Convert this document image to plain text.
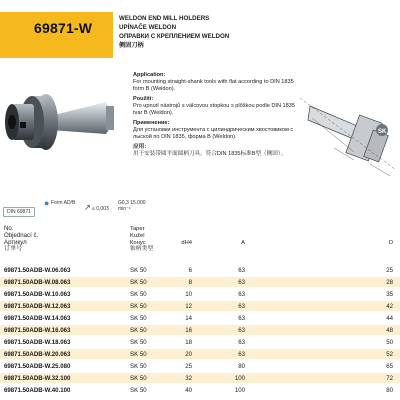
69871-W
WELDON END MILL HOLDERS
UPÍNAČE WELDON
ОПРАВКИ С КРЕПЛЕНИЕМ WELDON
侧固刀柄
Application:
For mounting straight-shank tools with flat according to DIN 1835 form B (Weldon).
Použití:
Pro upnutí nástrojů s válcovou stopkou s plôškou podle DIN 1835 tvar B (Weldon).
Применение:
Для установки инструмента с цилиндрическим хвостовиком с лыской по DIN 1835, форма B (Weldon).
应用：
用于安装带圆平面圆柄刀具，符合DIN 1835标准B型（侧固）。
SK
DIN 69871
● Form AD/B ↗ ≤ 0,003
G6,3 15.000 min⁻¹
No.
Objednací č.
Артикул
订单号
Taper
Kužel
Конус
锥柄类型
dH4	A	D
69871.50ADB-W.06.063	SK 50	6	63	25
69871.50ADB-W.08.063	SK 50	8	63	28
69871.50ADB-W.10.063	SK 50	10	63	35
69871.50ADB-W.12.063	SK 50	12	63	42
69871.50ADB-W.14.063	SK 50	14	63	44
69871.50ADB-W.16.063	SK 50	16	63	48
69871.50ADB-W.18.063	SK 50	18	63	50
69871.50ADB-W.20.063	SK 50	20	63	52
69871.50ADB-W.25.080	SK 50	25	80	65
69871.50ADB-W.32.100	SK 50	32	100	72
69871.50ADB-W.40.100	SK 50	40	100	80
